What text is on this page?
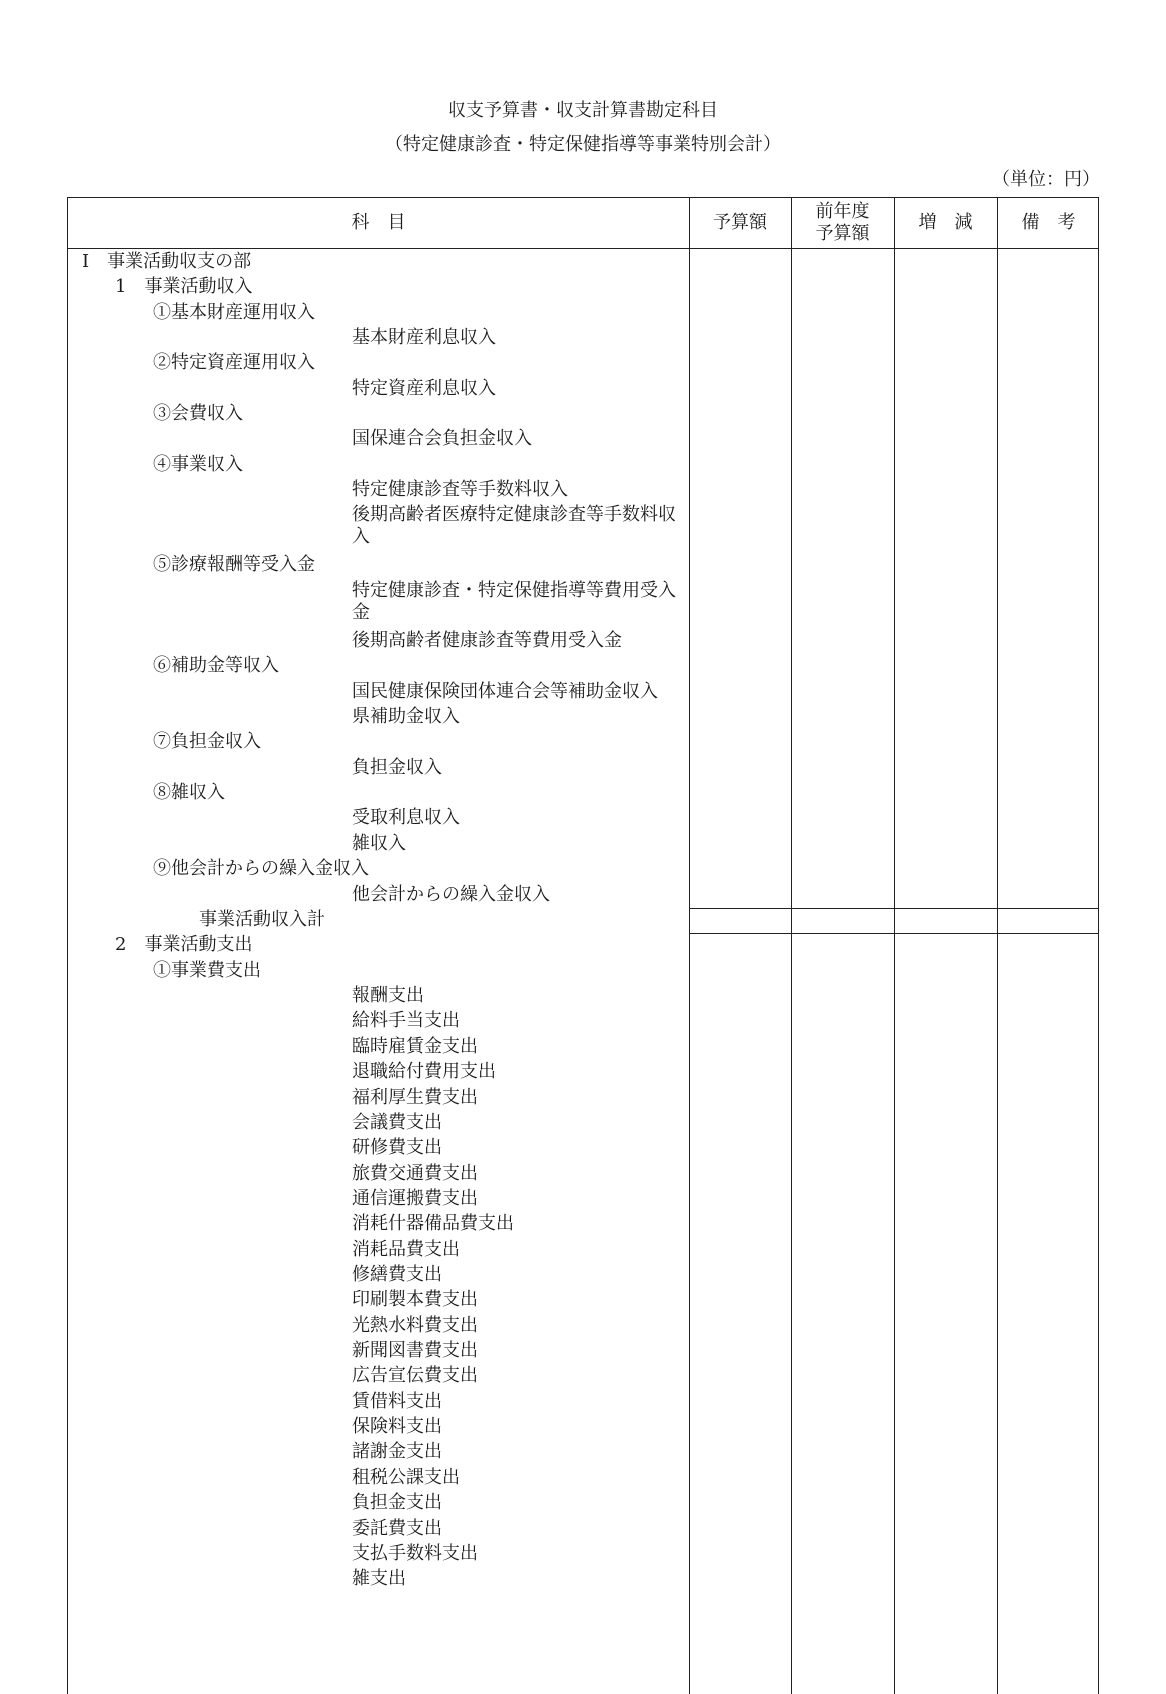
収支予算書・収支計算書勘定科目
（特定健康診査・特定保健指導等事業特別会計）
（単位：円）
科　目	予算額
前年度
予算額
増　減	備　考
Ⅰ　事業活動収支の部
1　事業活動収入
①基本財産運用収入
基本財産利息収入
②特定資産運用収入
特定資産利息収入
③会費収入
国保連合会負担金収入
④事業収入
特定健康診査等手数料収入
後期高齢者医療特定健康診査等手数料収入
⑤診療報酬等受入金
特定健康診査・特定保健指導等費用受入金
後期高齢者健康診査等費用受入金
⑥補助金等収入
国民健康保険団体連合会等補助金収入
県補助金収入
⑦負担金収入
負担金収入
⑧雑収入
受取利息収入
雑収入
⑨他会計からの繰入金収入
他会計からの繰入金収入
事業活動収入計
2　事業活動支出
①事業費支出
報酬支出
給料手当支出
臨時雇賃金支出
退職給付費用支出
福利厚生費支出
会議費支出
研修費支出
旅費交通費支出
通信運搬費支出
消耗什器備品費支出
消耗品費支出
修繕費支出
印刷製本費支出
光熱水料費支出
新聞図書費支出
広告宣伝費支出
賃借料支出
保険料支出
諸謝金支出
租税公課支出
負担金支出
委託費支出
支払手数料支出
雑支出
